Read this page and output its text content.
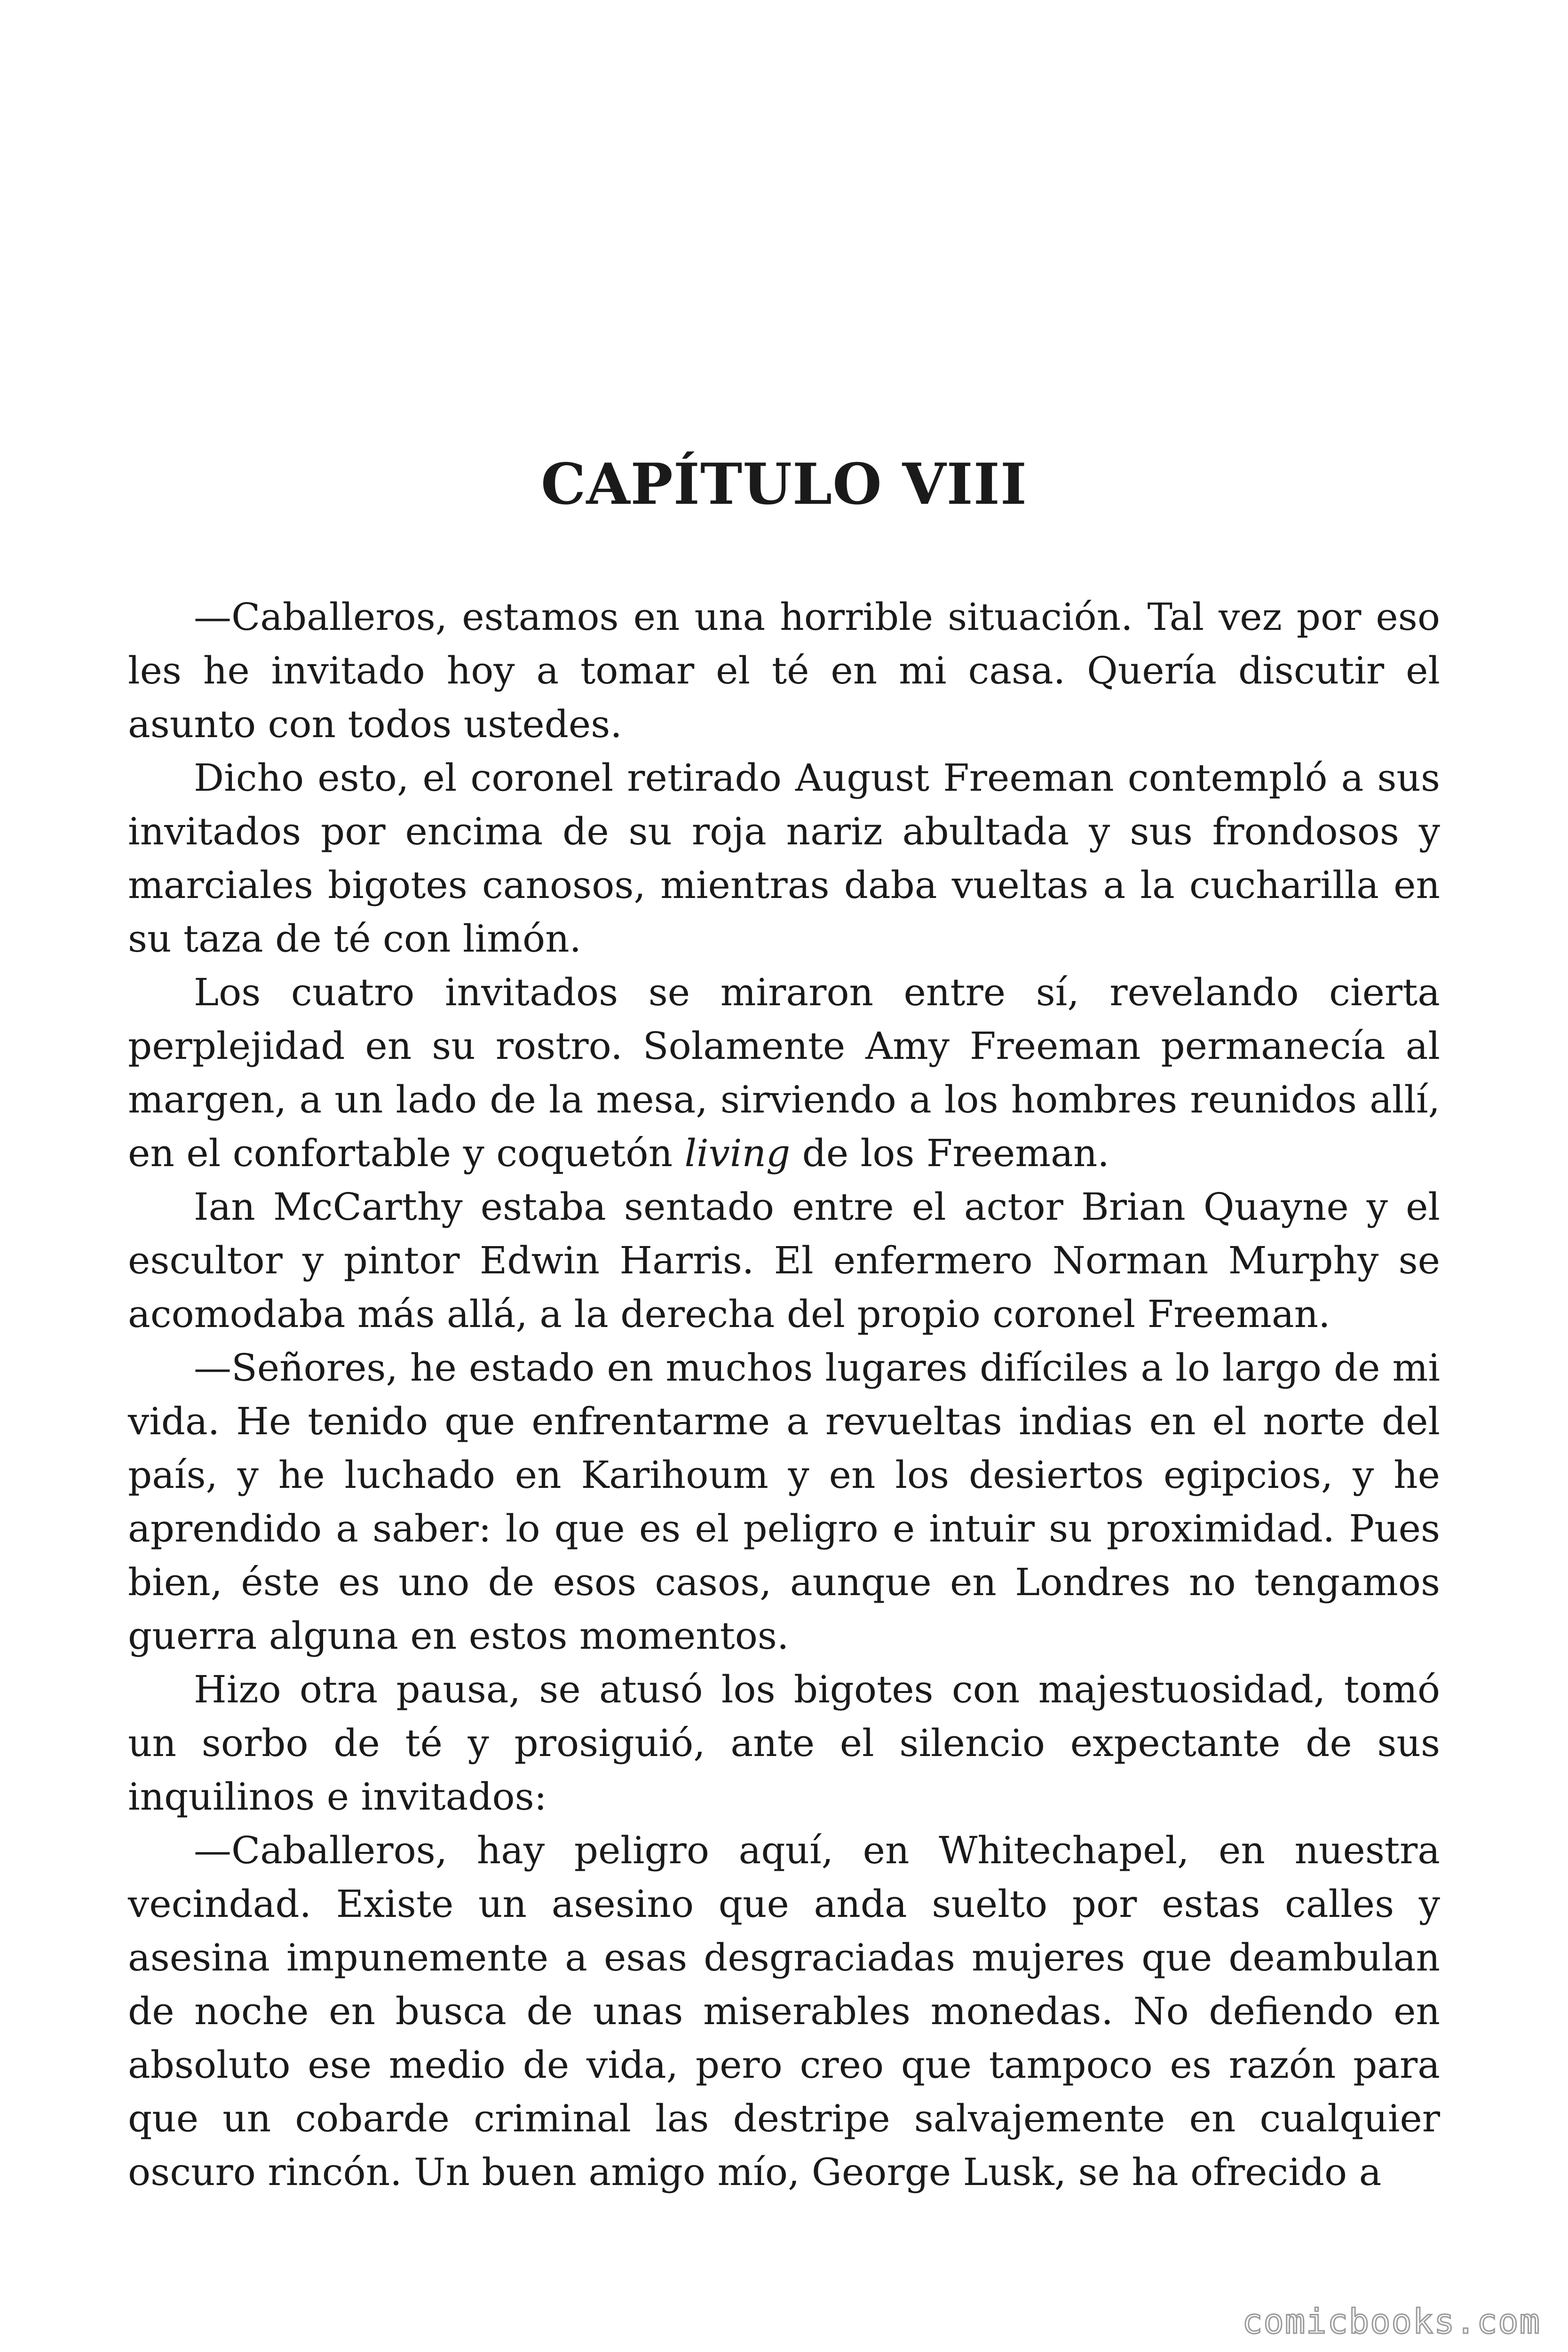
CAPÍTULO VIII

—Caballeros, estamos en una horrible situación. Tal vez por eso les he invitado hoy a tomar el té en mi casa. Quería discutir el asunto con todos ustedes.

Dicho esto, el coronel retirado August Freeman contempló a sus invitados por encima de su roja nariz abultada y sus frondosos y marciales bigotes canosos, mientras daba vueltas a la cucharilla en su taza de té con limón.

Los cuatro invitados se miraron entre sí, revelando cierta perplejidad en su rostro. Solamente Amy Freeman permanecía al margen, a un lado de la mesa, sirviendo a los hombres reunidos allí, en el confortable y coquetón living de los Freeman.

Ian McCarthy estaba sentado entre el actor Brian Quayne y el escultor y pintor Edwin Harris. El enfermero Norman Murphy se acomodaba más allá, a la derecha del propio coronel Freeman.

—Señores, he estado en muchos lugares difíciles a lo largo de mi vida. He tenido que enfrentarme a revueltas indias en el norte del país, y he luchado en Karihoum y en los desiertos egipcios, y he aprendido a saber: lo que es el peligro e intuir su proximidad. Pues bien, éste es uno de esos casos, aunque en Londres no tengamos guerra alguna en estos momentos.

Hizo otra pausa, se atusó los bigotes con majestuosidad, tomó un sorbo de té y prosiguió, ante el silencio expectante de sus inquilinos e invitados:

—Caballeros, hay peligro aquí, en Whitechapel, en nuestra vecindad. Existe un asesino que anda suelto por estas calles y asesina impunemente a esas desgraciadas mujeres que deambulan de noche en busca de unas miserables monedas. No defiendo en absoluto ese medio de vida, pero creo que tampoco es razón para que un cobarde criminal las destripe salvajemente en cualquier oscuro rincón. Un buen amigo mío, George Lusk, se ha ofrecido a

comicbooks.com
